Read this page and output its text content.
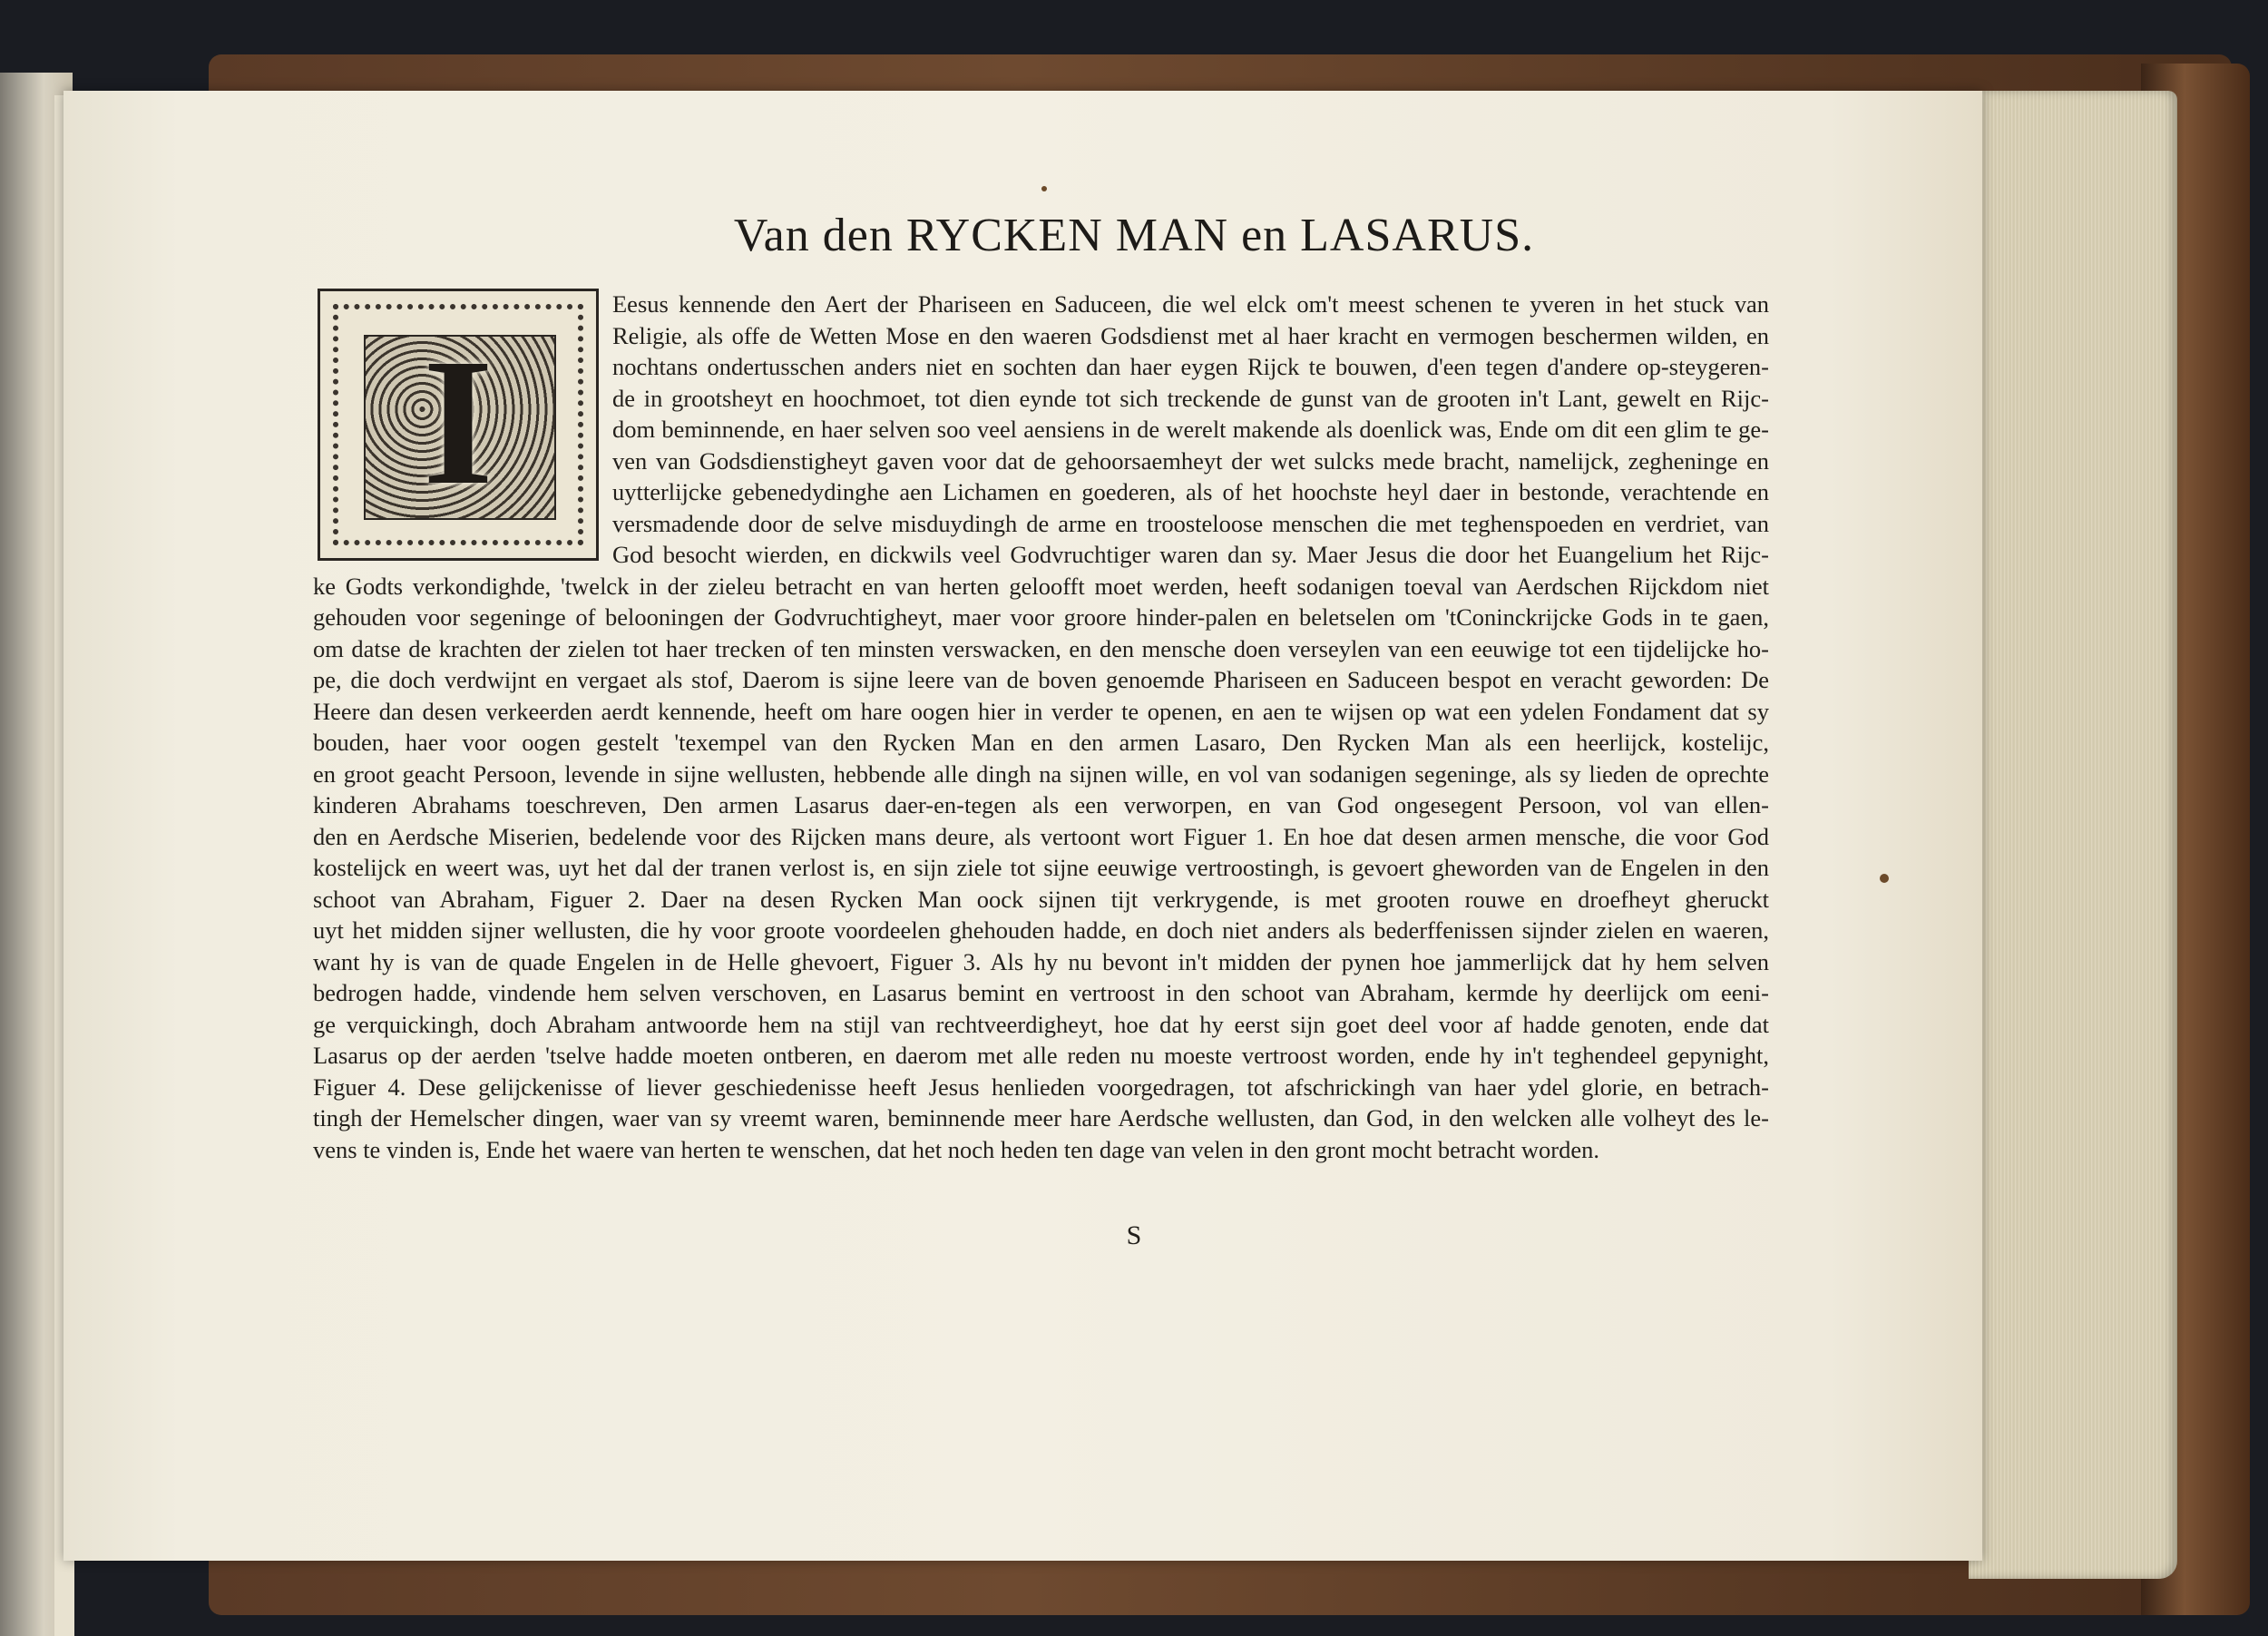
Van den RYCKEN MAN en LASARUS.
Eesus kennende den Aert der Phariseen en Saduceen, die wel elck om't meest schenen te yveren in het stuck van
Religie, als offe de Wetten Mose en den waeren Godsdienst met al haer kracht en vermogen beschermen wilden, en
nochtans ondertusschen anders niet en sochten dan haer eygen Rijck te bouwen, d'een tegen d'andere op-steygeren-
de in grootsheyt en hoochmoet, tot dien eynde tot sich treckende de gunst van de grooten in't Lant, gewelt en Rijc-
dom beminnende, en haer selven soo veel aensiens in de werelt makende als doenlick was, Ende om dit een glim te ge-
ven van Godsdienstigheyt gaven voor dat de gehoorsaemheyt der wet sulcks mede bracht, namelijck, zegheninge en
uytterlijcke gebenedydinghe aen Lichamen en goederen, als of het hoochste heyl daer in bestonde, verachtende en
versmadende door de selve misduydingh de arme en troosteloose menschen die met teghenspoeden en verdriet, van
God besocht wierden, en dickwils veel Godvruchtiger waren dan sy. Maer Jesus die door het Euangelium het Rijc-
ke Godts verkondighde, 'twelck in der zieleu betracht en van herten geloofft moet werden, heeft sodanigen toeval van Aerdschen Rijckdom niet
gehouden voor segeninge of belooningen der Godvruchtigheyt, maer voor groore hinder-palen en beletselen om 'tConinckrijcke Gods in te gaen,
om datse de krachten der zielen tot haer trecken of ten minsten verswacken, en den mensche doen verseylen van een eeuwige tot een tijdelijcke ho-
pe, die doch verdwijnt en vergaet als stof, Daerom is sijne leere van de boven genoemde Phariseen en Saduceen bespot en veracht geworden: De
Heere dan desen verkeerden aerdt kennende, heeft om hare oogen hier in verder te openen, en aen te wijsen op wat een ydelen Fondament dat sy
bouden, haer voor oogen gestelt 'texempel van den Rycken Man en den armen Lasaro, Den Rycken Man als een heerlijck, kostelijc,
en groot geacht Persoon, levende in sijne wellusten, hebbende alle dingh na sijnen wille, en vol van sodanigen segeninge, als sy lieden de oprechte
kinderen Abrahams toeschreven, Den armen Lasarus daer-en-tegen als een verworpen, en van God ongesegent Persoon, vol van ellen-
den en Aerdsche Miserien, bedelende voor des Rijcken mans deure, als vertoont wort Figuer 1. En hoe dat desen armen mensche, die voor God
kostelijck en weert was, uyt het dal der tranen verlost is, en sijn ziele tot sijne eeuwige vertroostingh, is gevoert gheworden van de Engelen in den
schoot van Abraham, Figuer 2. Daer na desen Rycken Man oock sijnen tijt verkrygende, is met grooten rouwe en droefheyt gheruckt
uyt het midden sijner wellusten, die hy voor groote voordeelen ghehouden hadde, en doch niet anders als bederffenissen sijnder zielen en waeren,
want hy is van de quade Engelen in de Helle ghevoert, Figuer 3. Als hy nu bevont in't midden der pynen hoe jammerlijck dat hy hem selven
bedrogen hadde, vindende hem selven verschoven, en Lasarus bemint en vertroost in den schoot van Abraham, kermde hy deerlijck om eeni-
ge verquickingh, doch Abraham antwoorde hem na stijl van rechtveerdigheyt, hoe dat hy eerst sijn goet deel voor af hadde genoten, ende dat
Lasarus op der aerden 'tselve hadde moeten ontberen, en daerom met alle reden nu moeste vertroost worden, ende hy in't teghendeel gepynight,
Figuer 4. Dese gelijckenisse of liever geschiedenisse heeft Jesus henlieden voorgedragen, tot afschrickingh van haer ydel glorie, en betrach-
tingh der Hemelscher dingen, waer van sy vreemt waren, beminnende meer hare Aerdsche wellusten, dan God, in den welcken alle volheyt des le-
vens te vinden is, Ende het waere van herten te wenschen, dat het noch heden ten dage van velen in den gront mocht betracht worden.
I
S
